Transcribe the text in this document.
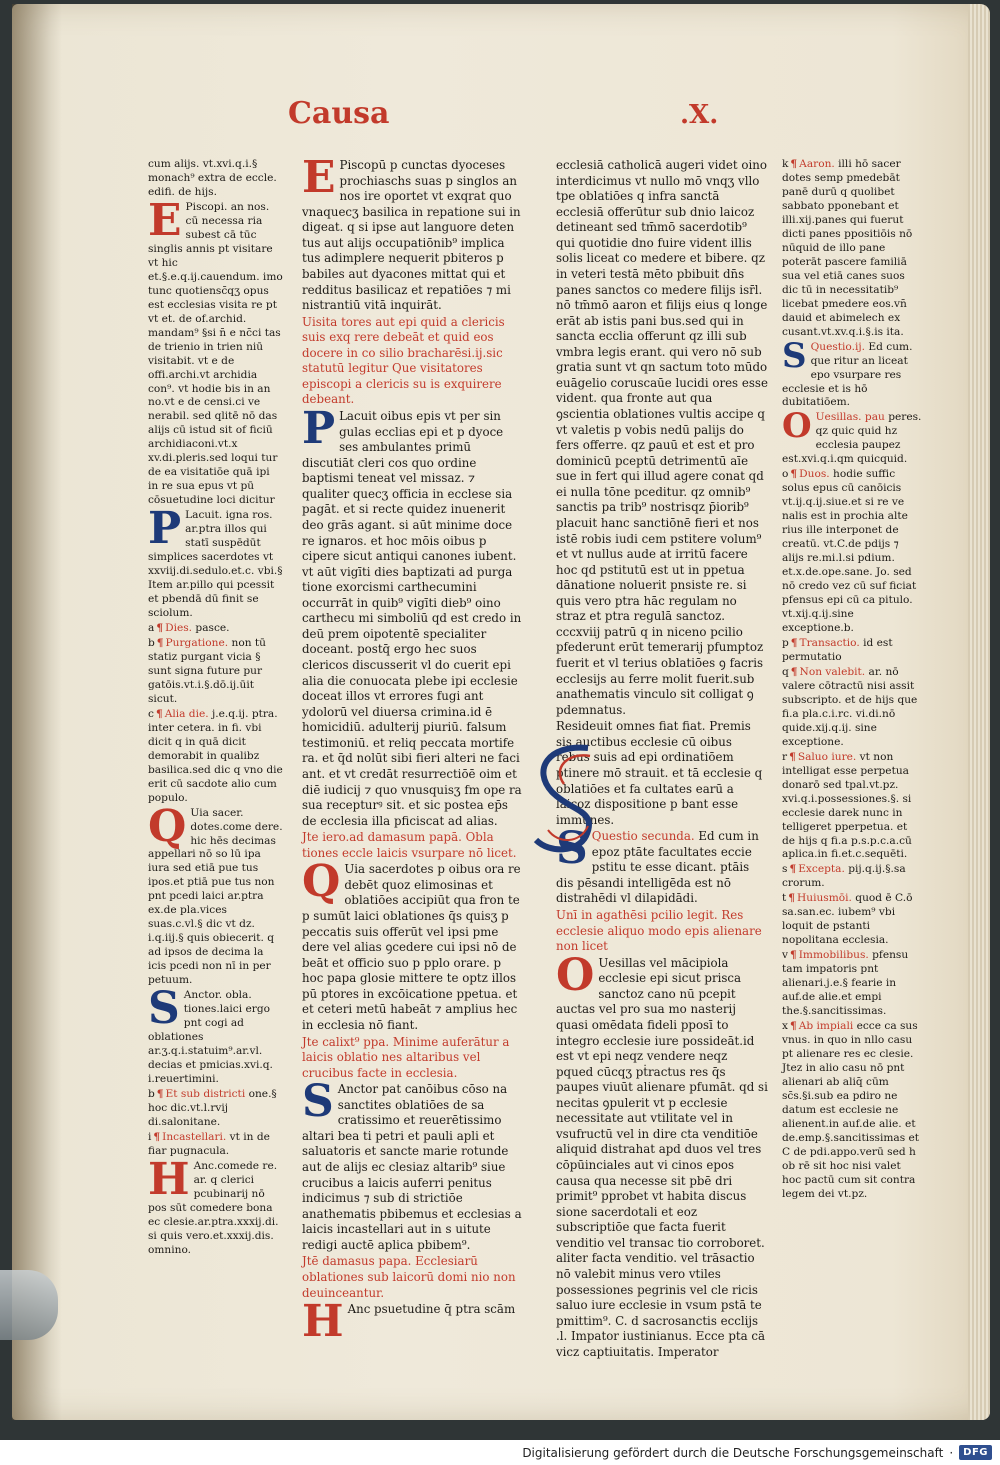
Causa	.X.
cum alijs. vt.xvi.q.i.§ monach⁹ extra de eccle. edifi. de hijs.
E Piscopi. an nos. cū necessa ria subest cā tūc singlis annis pt visitare vt hic et.§.e.q.ij.cauendum. imo tunc quotiensc̄qʒ opus est ecclesias visita re pt vt et. de of.archid. mandam⁹ §si n̄ e nc̄ci tas de trienio in trien niū visitabit. vt e de offi.archi.vt archidia con⁹. vt hodie bis in an no.vt e de censi.ci ve nerabil. sed qlitē nō das alijs cū istud sit of ficiū archidiaconi.vt.x xv.di.pleris.sed loqui tur de ea visitatiōe quā ipi in re sua epus vt pū cōsuetudine loci dicitur
P Lacuit. igna ros. ar.ptra illos qui statī suspēdūt simplices sacerdotes vt xxviij.di.sedulo.et.c. vbi.§ Item ar.pillo qui pcessit et pbendā dū finit se sciolum.
a ¶ Dies. pasce.
b ¶ Purgatione. non tū statiz purgant vicia § sunt signa future pur gatōis.vt.i.§.dō.ij.ūit sicut.
c ¶ Alia die. j.e.q.ij. ptra. inter cetera. in fi. vbi dicit q in quā dicit demorabit in qualibz basilica.sed dic q vno die erit cū sacdote alio cum populo.
Q Uia sacer. dotes.come dere. hic hēs decimas appellari nō so lū ipa iura sed etiā pue tus ipos.et ptiā pue tus non pnt pcedi laici ar.ptra ex.de pla.vices suas.c.vl.§ dic vt dz. i.q.iij.§ quis obiecerit. q ad ipsos de decima la icis pcedi non nī in per petuum.
S Anctor. obla. tiones.laici ergo pnt cogi ad oblationes ar.ʒ.q.i.statuim⁹.ar.vl. decias et pmicias.xvi.q. i.reuertimini.
b ¶ Et sub districti one.§ hoc dic.vt.l.rvij di.salonitane.
i ¶ Incastellari. vt in de fiar pugnacula.
H Anc.comede re. ar. q clerici pcubinarij nō pos sūt comedere bona ec clesie.ar.ptra.xxxij.di. si quis vero.et.xxxij.dis. omnino.
E Piscopū p cunctas dyoceses prochiaschs suas p singlos an nos ire oportet vt exqrat quo vnaquecʒ basilica in repatione sui in digeat. q si ipse aut languore deten tus aut alijs occupatiōnib⁹ implica tus adimplere nequerit pbiteros p babiles aut dyacones mittat qui et redditus basilicaz et repatiōes ⁊ mi nistrantiū vitā inquirāt.
Uisita tores aut epi quid a clericis suis exq rere debeāt et quid eos docere in co silio bracharēsi.ij.sic statutū legitur Que visitatores episcopi a clericis su is exquirere debeant.
P Lacuit oibus epis vt per sin gulas ecclias epi et p dyoce ses ambulantes primū discutiāt cleri cos quo ordine baptismi teneat vel missaz. ⁊ qualiter quecʒ officia in ecclese sia pagāt. et si recte quidez inuenerit deo grās agant. si aūt minime doce re ignaros. et hoc mōis oibus p cipere sicut antiqui canones iubent. vt aūt vigīti dies baptizati ad purga tione exorcismi carthecumini occurrāt in quib⁹ vigīti dieb⁹ oino carthecu mi simboliū qd est credo in deū prem oipotentē specialiter doceant. postq̄ ergo hec suos clericos discusserit vl do cuerit epi alia die conuocata plebe ipi ecclesie doceat illos vt errores fugi ant ydolorū vel diuersa crimina.id ē homicidiū. adulterij piuriū. falsum testimoniū. et reliq peccata mortife ra. et q̄d nolūt sibi fieri alteri ne faci ant. et vt credāt resurrectiōē oim et diē iudicij ⁊ quo vnusquisʒ fm ope ra sua recepturꝰ sit. et sic postea ep̄s de ecclesia illa pficiscat ad alias.
Jte iero.ad damasum papā. Obla tiones eccle laicis vsurpare nō licet.
Q Uia sacerdotes p oibus ora re debēt quoz elimosinas et oblatiōes accipiūt qua fron te p sumūt laici oblationes q̄s quisʒ p peccatis suis offerūt vel ipsi pme dere vel alias ꝯcedere cui ipsi nō de beāt et officio suo p pplo orare. p hoc papa glosie mittere te optz illos pū ptores in excōicatione ppetua. et et ceteri metū habeāt ⁊ amplius hec in ecclesia nō fiant.
Jte calixt⁹ ppa. Minime auferātur a laicis oblatio nes altaribus vel crucibus facte in ecclesia.
S Anctor pat canōibus cōso na sanctites oblatiōes de sa cratissimo et reuerētissimo altari bea ti petri et pauli apli et saluatoris et sancte marie rotunde aut de alijs ec clesiaz altarib⁹ siue crucibus a laicis auferri penitus indicimus ⁊ sub di strictiōe anathematis pbibemus et ecclesias a laicis incastellari aut in s uitute redigi auctē aplica pbibem⁹.
Jtē damasus papa. Ecclesiarū oblationes sub laicorū domi nio non deuinceantur.
H Anc psuetudine q̄ ptra scām
ecclesiā catholicā augeri videt oino interdicimus vt nullo mō vnqʒ vllo tpe oblatiōes q infra sanctā ecclesiā offerūtur sub dnio laicoz detineant sed tm̄mō sacerdotib⁹ qui quotidie dno fuire vident illis solis liceat co medere et bibere. qz in veteri testā mēto pbibuit dn̄s panes sanctos co medere filijs isr̄l. nō tm̄mō aaron et filijs eius q longe erāt ab istis pani bus.sed qui in sancta ecclia offerunt qz illi sub vmbra legis erant. qui vero nō sub gratia sunt vt qn sactum toto mūdo euāgelio coruscaūe lucidi ores esse vident. qua fronte aut qua ꝯscientia oblationes vultis accipe q vt valetis p vobis nedū palijs do fers offerre. qz ꝑauū et est et pro dominicū pceptū detrimentū aīe sue in fert qui illud agere conat qd ei nulla tōne pceditur. qz omnib⁹ sanctis pa trib⁹ nostrisqz p̄iorib⁹ placuit hanc sanctiōnē fieri et nos istē robis iudi cem pstitere volum⁹ et vt nullus aude at irritū facere hoc qd pstitutū est ut in ppetua dānatione noluerit pnsiste re. si quis vero ptra hāc regulam no straz et ptra regulā sanctoz. cccxviij patrū q in niceno pcilio pfederunt erūt temerarij pfumptoz fuerit et vl terius oblatiōes ꝯ facris ecclesijs au ferre molit fuerit.sub anathematis vinculo sit colligat ꝯ pdemnatus.
Resideuit omnes fiat fiat. Premis sis auctibus ecclesie cū oibus rebus suis ad epi ordinatiōem ptinere mō strauit. et tā ecclesie q oblatiōes et fa cultates earū a laicoz dispositione p bant esse immunes.
S Questio secunda. Ed cum in epoz ptāte facultates eccie pstitu te esse dicant. ptāis dis pēsandi intelligēda est nō distrahēdi vl dilapidādi.
Unī in agathēsi pcilio legit. Res ecclesie aliquo modo epis alienare non licet
O Uesillas vel mācipiola ecclesie epi sicut prisca sanctoz cano nū pcepit auctas vel pro sua mo nasterij quasi omēdata fideli pposī to integro ecclesie iure possideāt.id est vt epi neqz vendere neqz pqued cūcqʒ pṫractus res q̄s paupes viuūt alienare pfumāt. qd si necitas ꝯpulerit vt p ecclesie necessitate aut vtilitate vel in vsufructū vel in dire cta venditiōe aliquid distrahat apd duos vel tres cōpūinciales aut vi cinos epos causa qua necesse sit pbē dri primit⁹ pprobet vt habita discus sione sacerdotali et eoz subscriptiōe que facta fuerit venditio vel transac tio corroboret. aliter facta venditio. vel trāsactio nō valebit minus vero vtiles possessiones pegrinis vel cle ricis saluo iure ecclesie in vsum pstā te pmittim⁹. C. d sacrosanctis ecclijs .l. Impator iustinianus. Ecce pta cā vicz captiuitatis. Imperator
k ¶ Aaron. illi hō sacer dotes semp pmedebāt panē durū q quolibet sabbato pponebant et illi.xij.panes qui fuerut dicti panes ppositiōis nō nūquid de illo pane poterāt pascere familiā sua vel etiā canes suos dic tū in necessitatib⁹ licebat pmedere eos.vn̄ dauid et abimelech ex cusant.vt.xv.q.i.§.is ita.
S Questio.ij. Ed cum. que ritur an liceat epo vsurpare res ecclesie et is hō dubitatiōem.
O Uesillas. pau peres. qz quic quid hz ecclesia paupez est.xvi.q.i.qm quicquid.
o ¶ Duos. hodie suffic solus epus cū canōicis vt.ij.q.ij.siue.et si re ve nalis est in prochia alte rius ille interponet de creatū. vt.C.de pdijs ⁊ alijs re.mi.l.si pdium. et.x.de.ope.sane. Jo. sed nō credo vez cū suf ficiat pfensus epi cū ca pitulo. vt.xij.q.ij.sine exceptione.b.
p ¶ Transactio. id est permutatio
q ¶ Non valebit. ar. nō valere cōtractū nisi assit subscripto. et de hijs que fi.a pla.c.i.rc. vi.di.nō quide.xij.q.ij. sine exceptione.
r ¶ Saluo iure. vt non intelligat esse perpetua donarō sed tpal.vt.pz. xvi.q.i.possessiones.§. si ecclesie darek nunc in telligeret pperpetua. et de hijs q fi.a p.s.p.c.a.cū aplica.in fi.et.c.sequēti.
s ¶ Excepta. pij.q.ij.§.sa crorum.
t ¶ Huiusmōi. quod ē C.ō sa.san.ec. iubem⁹ vbi loquit de pstanti nopolitana ecclesia.
v ¶ Immobilibus. pfensu tam impatoris pnt alienari.j.e.§ fearie in auf.de alie.et empi the.§.sancitissimas.
x ¶ Ab impiali ecce ca sus vnus. in quo in nllo casu pt alienare res ec clesie. Jtez in alio casu nō pnt alienari ab aliq̄ cūm sc̄s.§i.sub ea pdiro ne datum est ecclesie ne alienent.in auf.de alie. et de.emp.§.sancitissimas et C de pdi.appo.verū sed h ob rē sit hoc nisi valet hoc pactū cum sit contra legem dei vt.pz.
Digitalisierung gefördert durch die Deutsche Forschungsgemeinschaft ·	DFG
